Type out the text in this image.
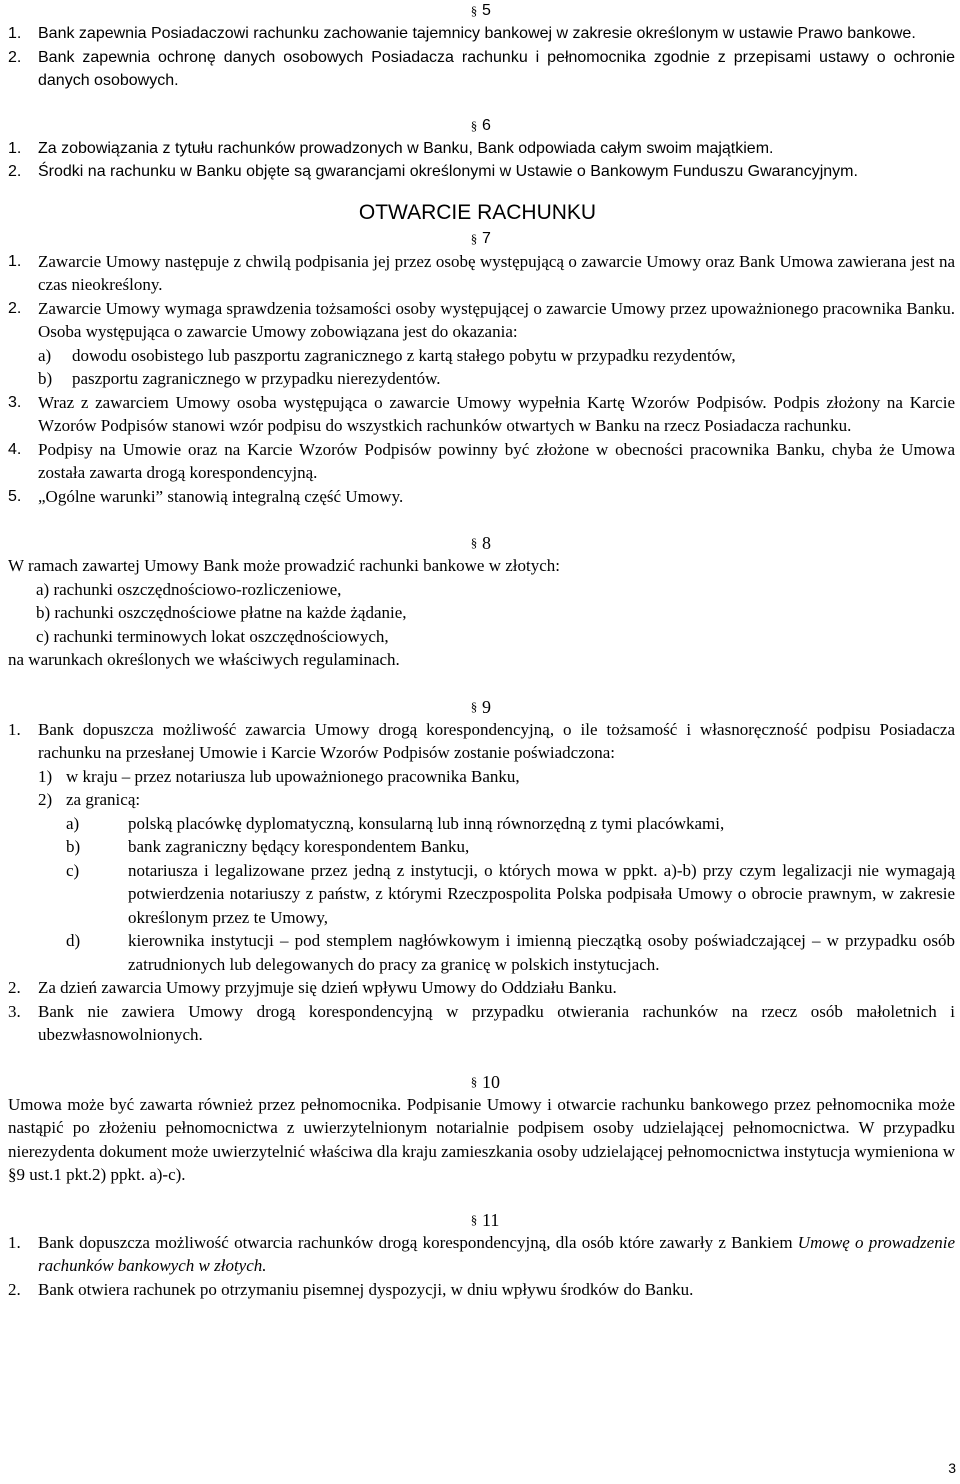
§ 5
1.	Bank zapewnia Posiadaczowi rachunku zachowanie tajemnicy bankowej w zakresie określonym w ustawie Prawo bankowe.
2.	Bank zapewnia ochronę danych osobowych Posiadacza rachunku i pełnomocnika zgodnie z przepisami ustawy o ochronie danych osobowych.
§ 6
1.	Za zobowiązania z tytułu rachunków prowadzonych w Banku, Bank odpowiada całym swoim majątkiem.
2.	Środki na rachunku w Banku objęte są gwarancjami określonymi w Ustawie o Bankowym Funduszu Gwarancyjnym.
OTWARCIE RACHUNKU
§ 7
1. Zawarcie Umowy następuje z chwilą podpisania jej przez osobę występującą o zawarcie Umowy oraz Bank Umowa zawierana jest na czas nieokreślony.
2. Zawarcie Umowy wymaga sprawdzenia tożsamości osoby występującej o zawarcie Umowy przez upoważnionego pracownika Banku. Osoba występująca o zawarcie Umowy zobowiązana jest do okazania:
a)	dowodu osobistego lub paszportu zagranicznego z kartą stałego pobytu w przypadku rezydentów,
b)	paszportu zagranicznego w przypadku nierezydentów.
3. Wraz z zawarciem Umowy osoba występująca o zawarcie Umowy wypełnia Kartę Wzorów Podpisów. Podpis złożony na Karcie Wzorów Podpisów stanowi wzór podpisu do wszystkich rachunków otwartych w Banku na rzecz Posiadacza rachunku.
4. Podpisy na Umowie oraz na Karcie Wzorów Podpisów powinny być złożone w obecności pracownika Banku, chyba że Umowa została zawarta drogą korespondencyjną.
5. „Ogólne warunki” stanowią integralną część Umowy.
§ 8
W ramach zawartej Umowy Bank może prowadzić rachunki bankowe w złotych:
a) rachunki oszczędnościowo-rozliczeniowe,
b) rachunki oszczędnościowe płatne na każde żądanie,
c) rachunki terminowych lokat oszczędnościowych,
na warunkach określonych we właściwych regulaminach.
§ 9
1.	Bank dopuszcza możliwość zawarcia Umowy drogą korespondencyjną, o ile tożsamość i własnoręczność podpisu Posiadacza rachunku na przesłanej Umowie i Karcie Wzorów Podpisów zostanie poświadczona:
1) w kraju – przez notariusza lub upoważnionego pracownika Banku,
2) za granicą:
a)	polską placówkę dyplomatyczną, konsularną lub inną równorzędną z tymi placówkami,
b)	bank zagraniczny będący korespondentem Banku,
c)	notariusza i legalizowane przez jedną z instytucji, o których mowa w ppkt. a)-b) przy czym legalizacji nie wymagają potwierdzenia notariuszy z państw, z którymi Rzeczpospolita Polska podpisała Umowy o obrocie prawnym, w zakresie określonym przez te Umowy,
d)	kierownika instytucji – pod stemplem nagłówkowym i imienną pieczątką osoby poświadczającej – w przypadku osób zatrudnionych lub delegowanych do pracy za granicę w polskich instytucjach.
2.	Za dzień zawarcia Umowy przyjmuje się dzień wpływu Umowy do Oddziału Banku.
3.	Bank nie zawiera Umowy drogą korespondencyjną w przypadku otwierania rachunków na rzecz osób małoletnich i ubezwłasnowolnionych.
§ 10
Umowa może być zawarta również przez pełnomocnika. Podpisanie Umowy i otwarcie rachunku bankowego przez pełnomocnika może nastąpić po złożeniu pełnomocnictwa z uwierzytelnionym notarialnie podpisem osoby udzielającej pełnomocnictwa. W przypadku nierezydenta dokument może uwierzytelnić właściwa dla kraju zamieszkania osoby udzielającej pełnomocnictwa instytucja wymieniona w §9 ust.1 pkt.2) ppkt. a)-c).
§ 11
1.	Bank dopuszcza możliwość otwarcia rachunków drogą korespondencyjną, dla osób które zawarły z Bankiem Umowę o prowadzenie rachunków bankowych w złotych.
2.	Bank otwiera rachunek po otrzymaniu pisemnej dyspozycji, w dniu wpływu środków do Banku.
3
